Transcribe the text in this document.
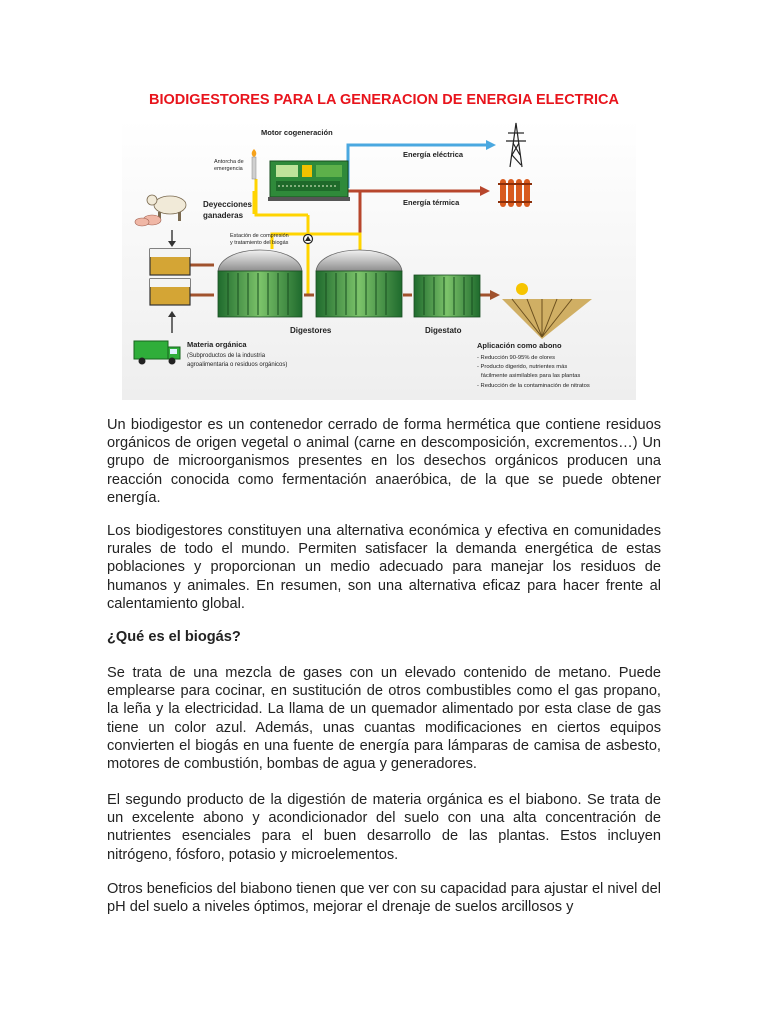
BIODIGESTORES PARA LA GENERACION DE ENERGIA ELECTRICA
Motor cogeneración
Antorcha de
emergencia
Energía eléctrica
Energía térmica
Deyecciones
ganaderas
Estación de compresión
y tratamiento del biogás
Digestores	Digestato
Materia orgánica
(Subproductos de la industria
agroalimentaria o residuos orgánicos)
Aplicación como abono
- Reducción 90-95% de olores
- Producto digerido, nutrientes más
fácilmente asimilables para las plantas
- Reducción de la contaminación de nitratos
Un biodigestor es un contenedor cerrado de forma hermética que contiene residuos orgánicos de origen vegetal o animal (carne en descomposición, excrementos…) Un grupo de microorganismos presentes en los desechos orgánicos producen una reacción conocida como fermentación anaeróbica, de la que se puede obtener energía.
Los biodigestores constituyen una alternativa económica y efectiva en comunidades rurales de todo el mundo. Permiten satisfacer la demanda energética de estas poblaciones y proporcionan un medio adecuado para manejar los residuos de humanos y animales. En resumen, son una alternativa eficaz para hacer frente al calentamiento global.
¿Qué es el biogás?
Se trata de una mezcla de gases con un elevado contenido de metano. Puede emplearse para cocinar, en sustitución de otros combustibles como el gas propano, la leña y la electricidad. La llama de un quemador alimentado por esta clase de gas tiene un color azul. Además, unas cuantas modificaciones en ciertos equipos convierten el biogás en una fuente de energía para lámparas de camisa de asbesto, motores de combustión, bombas de agua y generadores.
El segundo producto de la digestión de materia orgánica es el biabono. Se trata de un excelente abono y acondicionador del suelo con una alta concentración de nutrientes esenciales para el buen desarrollo de las plantas. Estos incluyen nitrógeno, fósforo, potasio y microelementos.
Otros beneficios del biabono tienen que ver con su capacidad para ajustar el nivel del pH del suelo a niveles óptimos, mejorar el drenaje de suelos arcillosos y
